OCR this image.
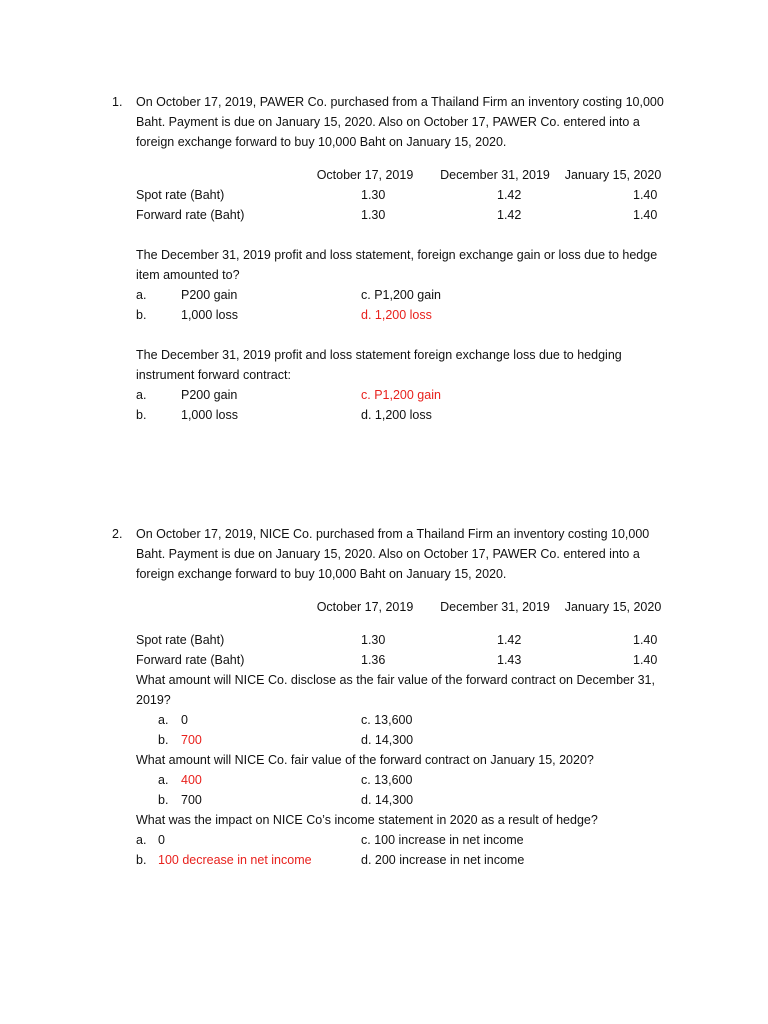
1. On October 17, 2019, PAWER Co. purchased from a Thailand Firm an inventory costing 10,000
Baht. Payment is due on January 15, 2020. Also on October 17, PAWER Co. entered into a
foreign exchange forward to buy 10,000 Baht on January 15, 2020.
October 17, 2019 December 31, 2019 January 15, 2020
Spot rate (Baht)	1.30	1.42	1.40
Forward rate (Baht)	1.30	1.42	1.40
The December 31, 2019 profit and loss statement, foreign exchange gain or loss due to hedge
item amounted to?
a.	P200 gain	c. P1,200 gain
b.	1,000 loss	d. 1,200 loss
The December 31, 2019 profit and loss statement foreign exchange loss due to hedging
instrument forward contract:
a.	P200 gain	c. P1,200 gain
b.	1,000 loss	d. 1,200 loss
2. On October 17, 2019, NICE Co. purchased from a Thailand Firm an inventory costing 10,000
Baht. Payment is due on January 15, 2020. Also on October 17, PAWER Co. entered into a
foreign exchange forward to buy 10,000 Baht on January 15, 2020.
October 17, 2019 December 31, 2019 January 15, 2020
Spot rate (Baht)	1.30	1.42	1.40
Forward rate (Baht)	1.36	1.43	1.40
What amount will NICE Co. disclose as the fair value of the forward contract on December 31,
2019?
a. 0	c. 13,600
b. 700	d. 14,300
What amount will NICE Co. fair value of the forward contract on January 15, 2020?
a. 400	c. 13,600
b. 700	d. 14,300
What was the impact on NICE Co’s income statement in 2020 as a result of hedge?
a. 0	c. 100 increase in net income
b. 100 decrease in net income	d. 200 increase in net income
